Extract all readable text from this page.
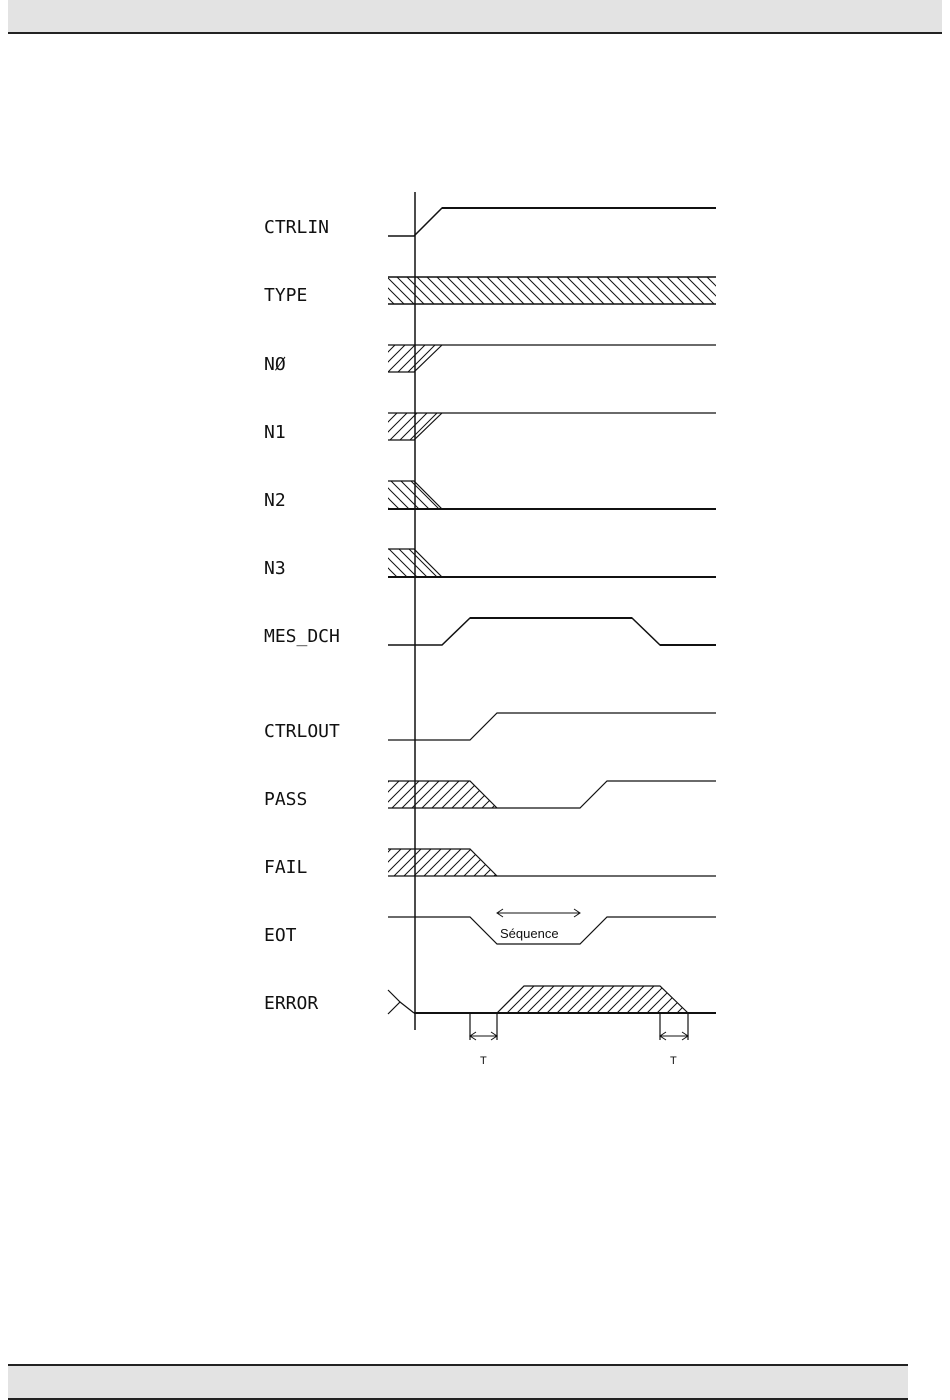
CTRLIN
TYPE
NØ
N1
N2
N3
MES_DCH
CTRLOUT
PASS
FAIL
EOT
ERROR
Séquence
T	T
